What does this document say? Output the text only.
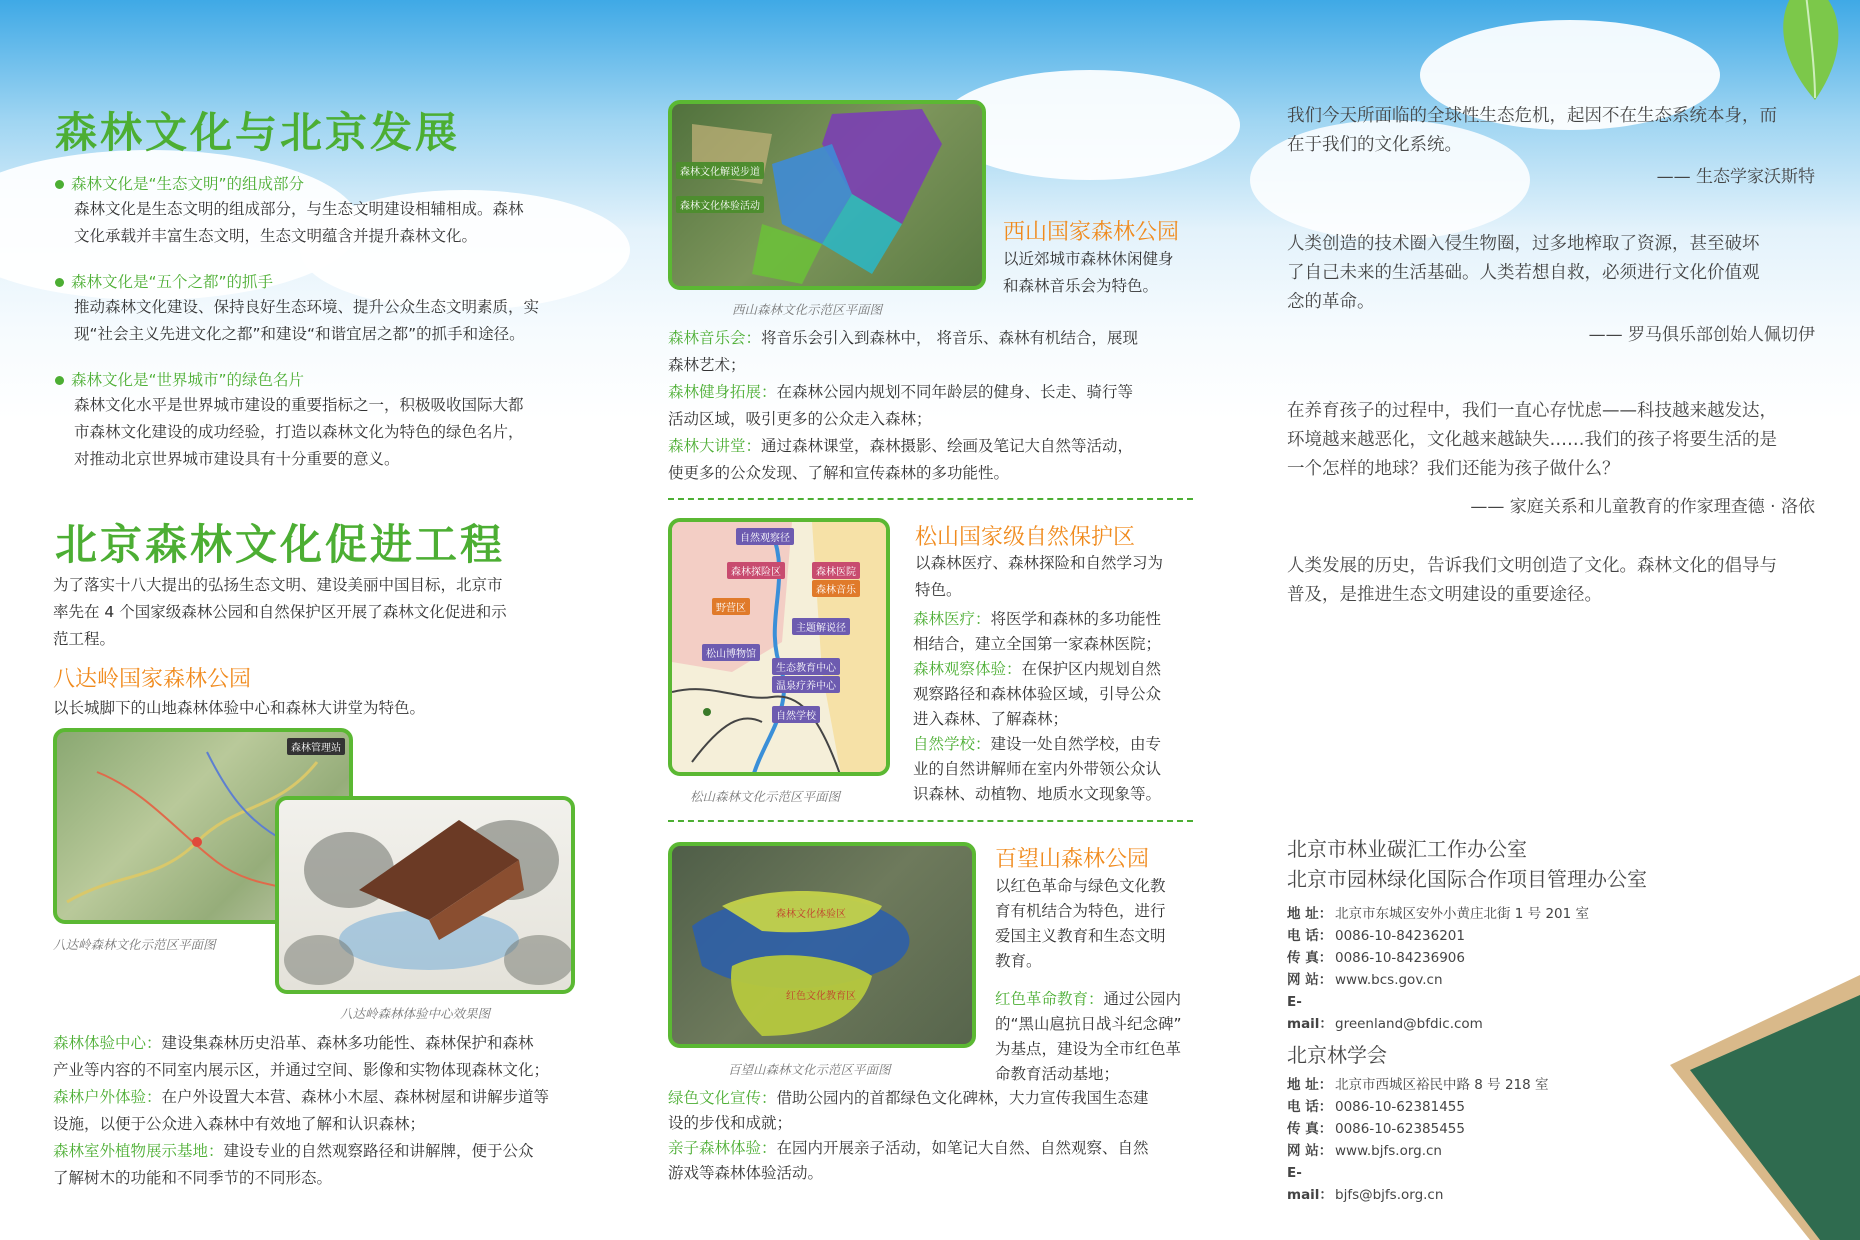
森林文化与北京发展
森林文化是“生态文明”的组成部分
森林文化是生态文明的组成部分，与生态文明建设相辅相成。森林
文化承载并丰富生态文明，生态文明蕴含并提升森林文化。
森林文化是“五个之都”的抓手
推动森林文化建设、保持良好生态环境、提升公众生态文明素质，实
现“社会主义先进文化之都”和建设“和谐宜居之都”的抓手和途径。
森林文化是“世界城市”的绿色名片
森林文化水平是世界城市建设的重要指标之一，积极吸收国际大都
市森林文化建设的成功经验，打造以森林文化为特色的绿色名片，
对推动北京世界城市建设具有十分重要的意义。
北京森林文化促进工程
为了落实十八大提出的弘扬生态文明、建设美丽中国目标，北京市
率先在 4 个国家级森林公园和自然保护区开展了森林文化促进和示
范工程。
八达岭国家森林公园
以长城脚下的山地森林体验中心和森林大讲堂为特色。
森林管理站
八达岭森林文化示范区平面图
八达岭森林体验中心效果图
森林体验中心：建设集森林历史沿革、森林多功能性、森林保护和森林
产业等内容的不同室内展示区，并通过空间、影像和实物体现森林文化；
森林户外体验：在户外设置大本营、森林小木屋、森林树屋和讲解步道等
设施，以便于公众进入森林中有效地了解和认识森林；
森林室外植物展示基地：建设专业的自然观察路径和讲解牌，便于公众
了解树木的功能和不同季节的不同形态。
森林文化解说步道
森林文化体验活动
西山森林文化示范区平面图
西山国家森林公园
以近郊城市森林休闲健身
和森林音乐会为特色。
森林音乐会：将音乐会引入到森林中， 将音乐、森林有机结合，展现
森林艺术；
森林健身拓展：在森林公园内规划不同年龄层的健身、长走、骑行等
活动区域，吸引更多的公众走入森林；
森林大讲堂：通过森林课堂，森林摄影、绘画及笔记大自然等活动，
使更多的公众发现、了解和宣传森林的多功能性。
自然观察径
森林探险区	森林医院
森林音乐
主题解说径
野营区
松山博物馆
生态教育中心
温泉疗养中心
自然学校
松山森林文化示范区平面图
松山国家级自然保护区
以森林医疗、森林探险和自然学习为
特色。
森林医疗：将医学和森林的多功能性
相结合，建立全国第一家森林医院；
森林观察体验：在保护区内规划自然
观察路径和森林体验区域，引导公众
进入森林、了解森林；
自然学校：建设一处自然学校，由专
业的自然讲解师在室内外带领公众认
识森林、动植物、地质水文现象等。
森林文化体验区
红色文化教育区
百望山森林文化示范区平面图
百望山森林公园
以红色革命与绿色文化教
育有机结合为特色，进行
爱国主义教育和生态文明
教育。
红色革命教育：通过公园内
的“黑山扈抗日战斗纪念碑”
为基点，建设为全市红色革
命教育活动基地；
绿色文化宣传：借助公园内的首都绿色文化碑林，大力宣传我国生态建
设的步伐和成就；
亲子森林体验：在园内开展亲子活动，如笔记大自然、自然观察、自然
游戏等森林体验活动。
我们今天所面临的全球性生态危机，起因不在生态系统本身，而
在于我们的文化系统。
—— 生态学家沃斯特
人类创造的技术圈入侵生物圈，过多地榨取了资源，甚至破坏
了自己未来的生活基础。人类若想自救，必须进行文化价值观
念的革命。
—— 罗马俱乐部创始人佩切伊
在养育孩子的过程中，我们一直心存忧虑——科技越来越发达，
环境越来越恶化，文化越来越缺失……我们的孩子将要生活的是
一个怎样的地球？我们还能为孩子做什么？
—— 家庭关系和儿童教育的作家理查德 · 洛依
人类发展的历史，告诉我们文明创造了文化。森林文化的倡导与
普及，是推进生态文明建设的重要途径。
北京市林业碳汇工作办公室
北京市园林绿化国际合作项目管理办公室
地 址： 北京市东城区安外小黄庄北街 1 号 201 室
电 话： 0086-10-84236201
传 真： 0086-10-84236906
网 站： www.bcs.gov.cn
E-mail： greenland@bfdic.com
北京林学会
地 址： 北京市西城区裕民中路 8 号 218 室
电 话： 0086-10-62381455
传 真： 0086-10-62385455
网 站： www.bjfs.org.cn
E-mail： bjfs@bjfs.org.cn
